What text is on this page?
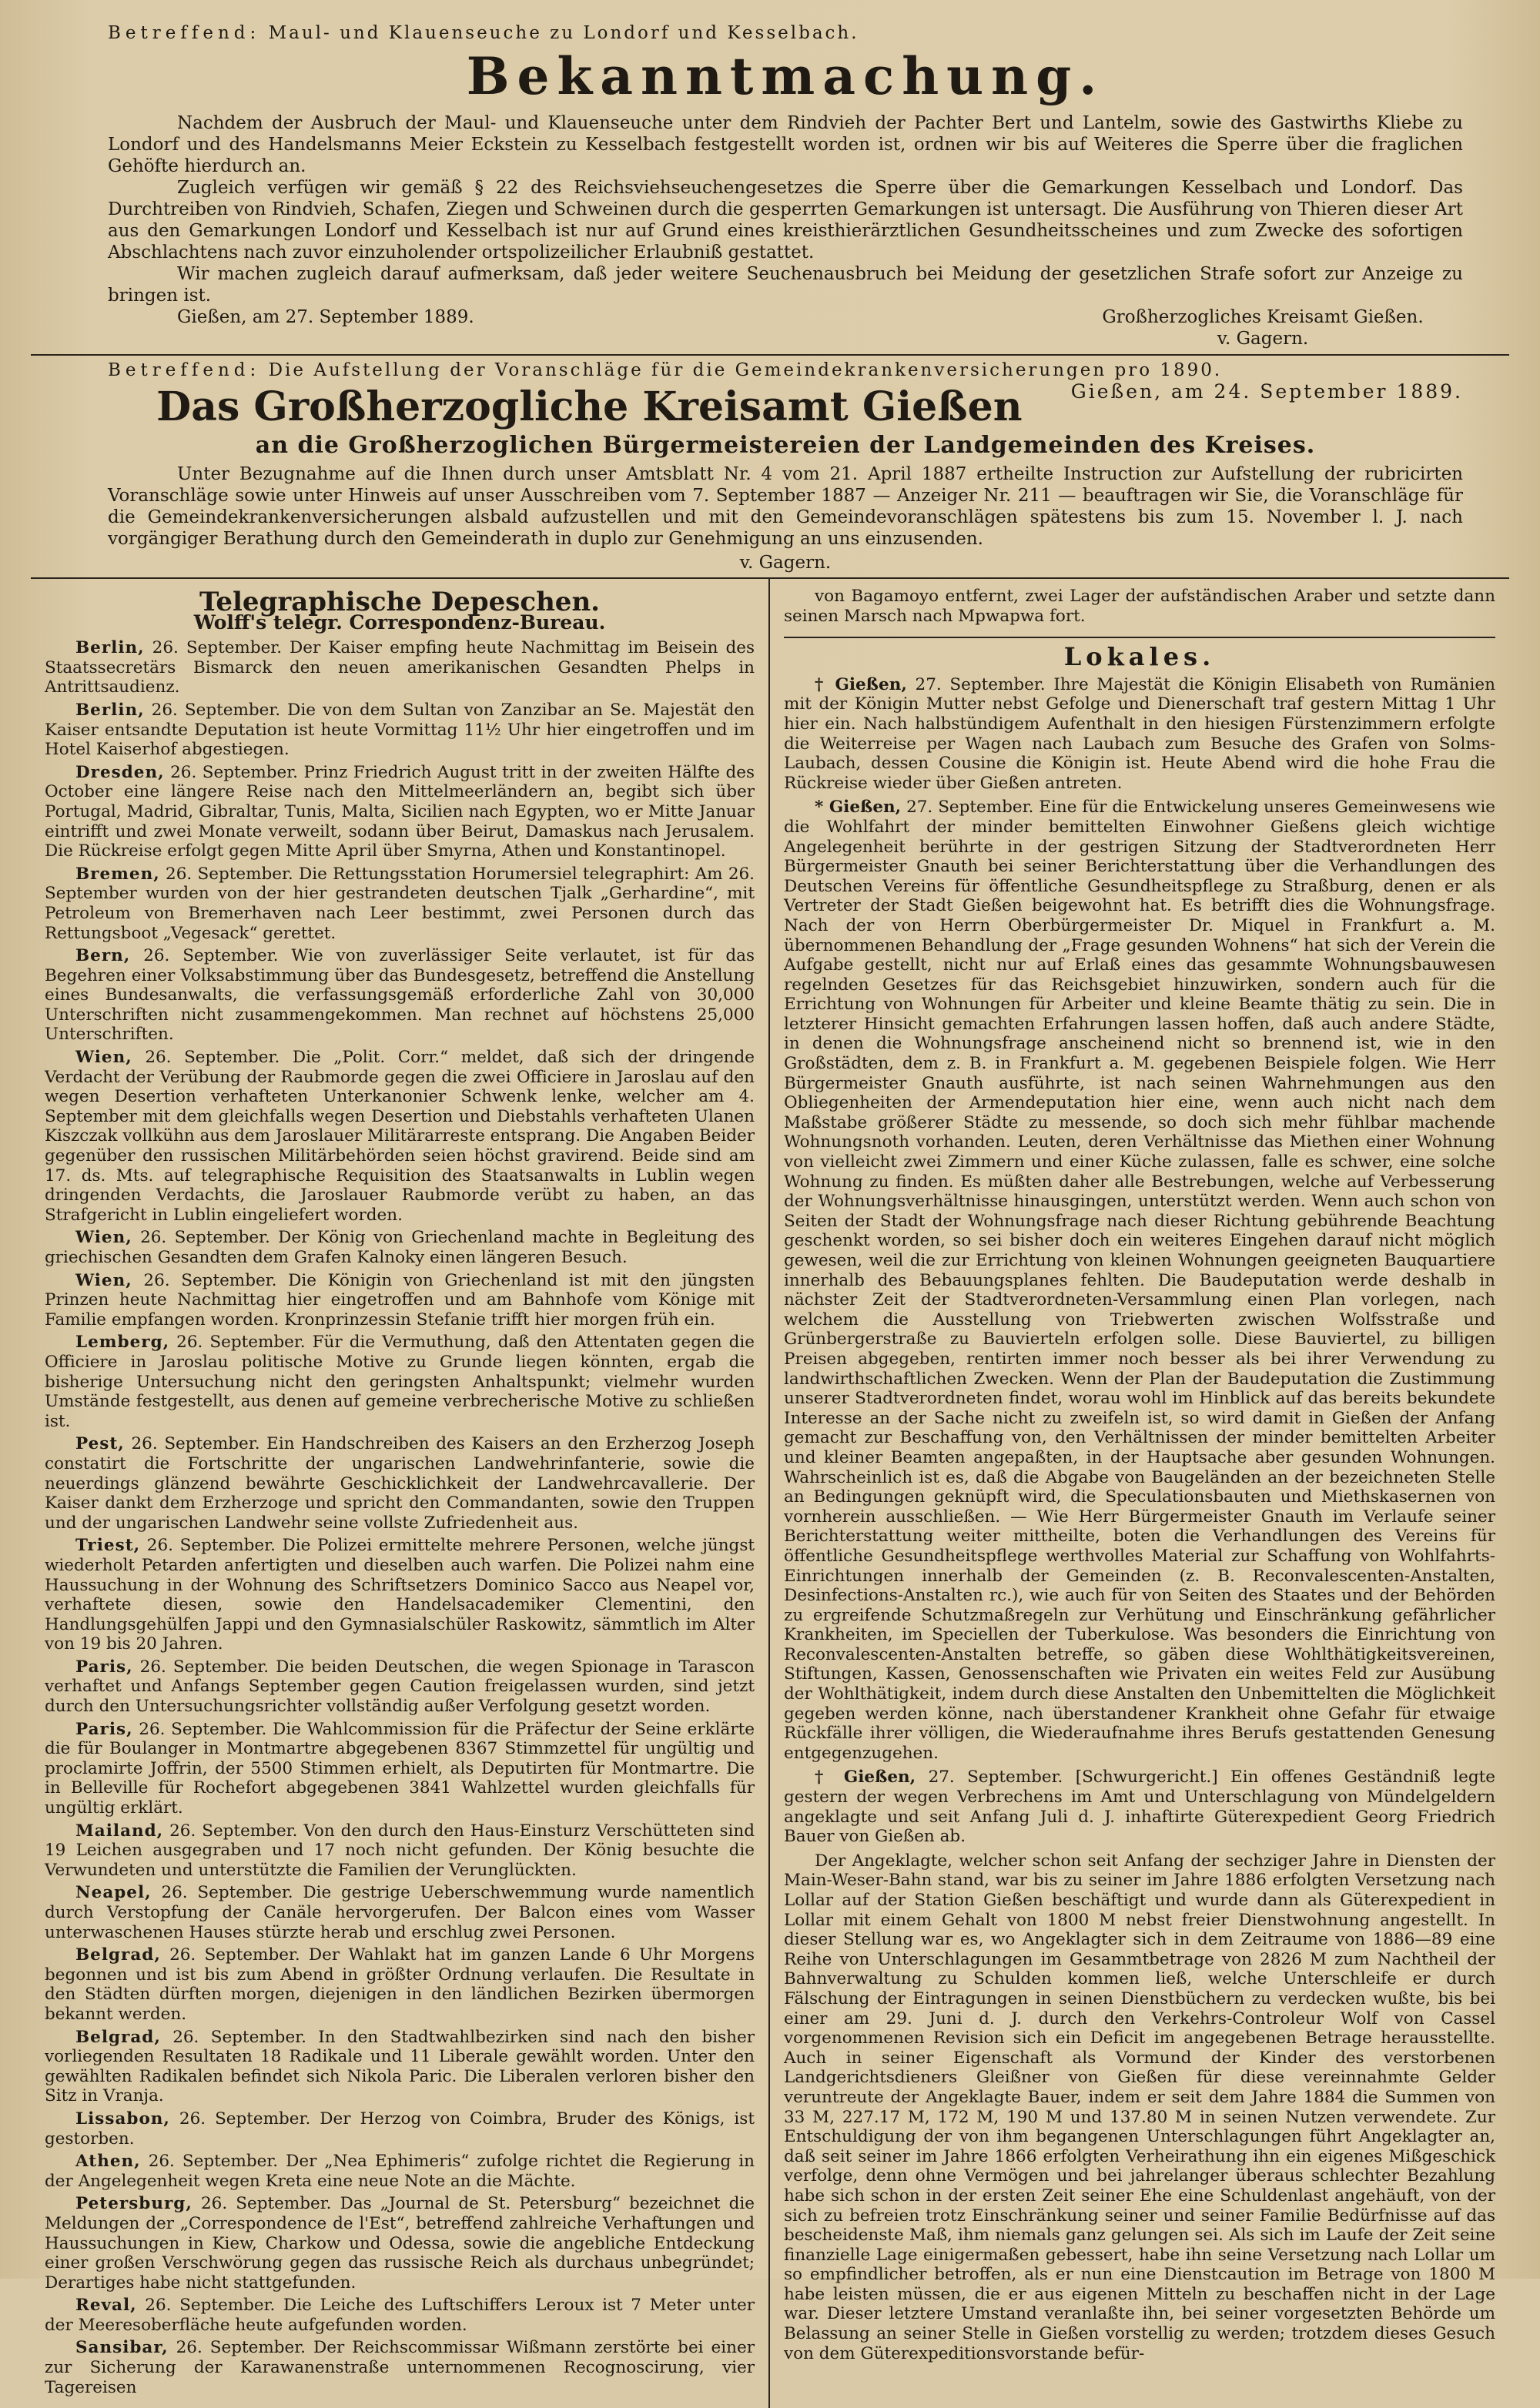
Betreffend: Maul- und Klauenseuche zu Londorf und Kesselbach.
Bekanntmachung.

Nachdem der Ausbruch der Maul- und Klauenseuche unter dem Rindvieh der Pachter Bert und Lantelm, sowie des Gastwirths Kliebe zu Londorf und des Handelsmanns Meier Eckstein zu Kesselbach festgestellt worden ist, ordnen wir bis auf Weiteres die Sperre über die fraglichen Gehöfte hierdurch an.

Zugleich verfügen wir gemäß § 22 des Reichsviehseuchengesetzes die Sperre über die Gemarkungen Kesselbach und Londorf. Das Durchtreiben von Rindvieh, Schafen, Ziegen und Schweinen durch die gesperrten Gemarkungen ist untersagt. Die Ausführung von Thieren dieser Art aus den Gemarkungen Londorf und Kesselbach ist nur auf Grund eines kreisthierärztlichen Gesundheitsscheines und zum Zwecke des sofortigen Abschlachtens nach zuvor einzuholender ortspolizeilicher Erlaubniß gestattet.

Wir machen zugleich darauf aufmerksam, daß jeder weitere Seuchenausbruch bei Meidung der gesetzlichen Strafe sofort zur Anzeige zu bringen ist.

Gießen, am 27. September 1889.	Großherzogliches Kreisamt Gießen.
v. Gagern.
Betreffend: Die Aufstellung der Voranschläge für die Gemeindekrankenversicherungen pro 1890.
Gießen, am 24. September 1889.
Das Großherzogliche Kreisamt Gießen
an die Großherzoglichen Bürgermeistereien der Landgemeinden des Kreises.

Unter Bezugnahme auf die Ihnen durch unser Amtsblatt Nr. 4 vom 21. April 1887 ertheilte Instruction zur Aufstellung der rubricirten Voranschläge sowie unter Hinweis auf unser Ausschreiben vom 7. September 1887 — Anzeiger Nr. 211 — beauftragen wir Sie, die Voranschläge für die Gemeindekrankenversicherungen alsbald aufzustellen und mit den Gemeindevoranschlägen spätestens bis zum 15. November l. J. nach vorgängiger Berathung durch den Gemeinderath in duplo zur Genehmigung an uns einzusenden.

v. Gagern.
Telegraphische Depeschen.
Wolff's telegr. Correspondenz-Bureau.

Berlin, 26. September. Der Kaiser empfing heute Nachmittag im Beisein des Staatssecretärs Bismarck den neuen amerikanischen Gesandten Phelps in Antrittsaudienz.

Berlin, 26. September. Die von dem Sultan von Zanzibar an Se. Majestät den Kaiser entsandte Deputation ist heute Vormittag 11½ Uhr hier eingetroffen und im Hotel Kaiserhof abgestiegen.

Dresden, 26. September. Prinz Friedrich August tritt in der zweiten Hälfte des October eine längere Reise nach den Mittelmeerländern an, begibt sich über Portugal, Madrid, Gibraltar, Tunis, Malta, Sicilien nach Egypten, wo er Mitte Januar eintrifft und zwei Monate verweilt, sodann über Beirut, Damaskus nach Jerusalem. Die Rückreise erfolgt gegen Mitte April über Smyrna, Athen und Konstantinopel.

Bremen, 26. September. Die Rettungsstation Horumersiel telegraphirt: Am 26. September wurden von der hier gestrandeten deutschen Tjalk „Gerhardine“, mit Petroleum von Bremerhaven nach Leer bestimmt, zwei Personen durch das Rettungsboot „Vegesack“ gerettet.

Bern, 26. September. Wie von zuverlässiger Seite verlautet, ist für das Begehren einer Volksabstimmung über das Bundesgesetz, betreffend die Anstellung eines Bundesanwalts, die verfassungsgemäß erforderliche Zahl von 30,000 Unterschriften nicht zusammengekommen. Man rechnet auf höchstens 25,000 Unterschriften.

Wien, 26. September. Die „Polit. Corr.“ meldet, daß sich der dringende Verdacht der Verübung der Raubmorde gegen die zwei Officiere in Jaroslau auf den wegen Desertion verhafteten Unterkanonier Schwenk lenke, welcher am 4. September mit dem gleichfalls wegen Desertion und Diebstahls verhafteten Ulanen Kiszczak vollkühn aus dem Jaroslauer Militärarreste entsprang. Die Angaben Beider gegenüber den russischen Militärbehörden seien höchst gravirend. Beide sind am 17. ds. Mts. auf telegraphische Requisition des Staatsanwalts in Lublin wegen dringenden Verdachts, die Jaroslauer Raubmorde verübt zu haben, an das Strafgericht in Lublin eingeliefert worden.

Wien, 26. September. Der König von Griechenland machte in Begleitung des griechischen Gesandten dem Grafen Kalnoky einen längeren Besuch.

Wien, 26. September. Die Königin von Griechenland ist mit den jüngsten Prinzen heute Nachmittag hier eingetroffen und am Bahnhofe vom Könige mit Familie empfangen worden. Kronprinzessin Stefanie trifft hier morgen früh ein.

Lemberg, 26. September. Für die Vermuthung, daß den Attentaten gegen die Officiere in Jaroslau politische Motive zu Grunde liegen könnten, ergab die bisherige Untersuchung nicht den geringsten Anhaltspunkt; vielmehr wurden Umstände festgestellt, aus denen auf gemeine verbrecherische Motive zu schließen ist.

Pest, 26. September. Ein Handschreiben des Kaisers an den Erzherzog Joseph constatirt die Fortschritte der ungarischen Landwehrinfanterie, sowie die neuerdings glänzend bewährte Geschicklichkeit der Landwehrcavallerie. Der Kaiser dankt dem Erzherzoge und spricht den Commandanten, sowie den Truppen und der ungarischen Landwehr seine vollste Zufriedenheit aus.

Triest, 26. September. Die Polizei ermittelte mehrere Personen, welche jüngst wiederholt Petarden anfertigten und dieselben auch warfen. Die Polizei nahm eine Haussuchung in der Wohnung des Schriftsetzers Dominico Sacco aus Neapel vor, verhaftete diesen, sowie den Handelsacademiker Clementini, den Handlungsgehülfen Jappi und den Gymnasialschüler Raskowitz, sämmtlich im Alter von 19 bis 20 Jahren.

Paris, 26. September. Die beiden Deutschen, die wegen Spionage in Tarascon verhaftet und Anfangs September gegen Caution freigelassen wurden, sind jetzt durch den Untersuchungsrichter vollständig außer Verfolgung gesetzt worden.

Paris, 26. September. Die Wahlcommission für die Präfectur der Seine erklärte die für Boulanger in Montmartre abgegebenen 8367 Stimmzettel für ungültig und proclamirte Joffrin, der 5500 Stimmen erhielt, als Deputirten für Montmartre. Die in Belleville für Rochefort abgegebenen 3841 Wahlzettel wurden gleichfalls für ungültig erklärt.

Mailand, 26. September. Von den durch den Haus-Einsturz Verschütteten sind 19 Leichen ausgegraben und 17 noch nicht gefunden. Der König besuchte die Verwundeten und unterstützte die Familien der Verunglückten.

Neapel, 26. September. Die gestrige Ueberschwemmung wurde namentlich durch Verstopfung der Canäle hervorgerufen. Der Balcon eines vom Wasser unterwaschenen Hauses stürzte herab und erschlug zwei Personen.

Belgrad, 26. September. Der Wahlakt hat im ganzen Lande 6 Uhr Morgens begonnen und ist bis zum Abend in größter Ordnung verlaufen. Die Resultate in den Städten dürften morgen, diejenigen in den ländlichen Bezirken übermorgen bekannt werden.

Belgrad, 26. September. In den Stadtwahlbezirken sind nach den bisher vorliegenden Resultaten 18 Radikale und 11 Liberale gewählt worden. Unter den gewählten Radikalen befindet sich Nikola Paric. Die Liberalen verloren bisher den Sitz in Vranja.

Lissabon, 26. September. Der Herzog von Coimbra, Bruder des Königs, ist gestorben.

Athen, 26. September. Der „Nea Ephimeris“ zufolge richtet die Regierung in der Angelegenheit wegen Kreta eine neue Note an die Mächte.

Petersburg, 26. September. Das „Journal de St. Petersburg“ bezeichnet die Meldungen der „Correspondence de l'Est“, betreffend zahlreiche Verhaftungen und Haussuchungen in Kiew, Charkow und Odessa, sowie die angebliche Entdeckung einer großen Verschwörung gegen das russische Reich als durchaus unbegründet; Derartiges habe nicht stattgefunden.

Reval, 26. September. Die Leiche des Luftschiffers Leroux ist 7 Meter unter der Meeresoberfläche heute aufgefunden worden.

Sansibar, 26. September. Der Reichscommissar Wißmann zerstörte bei einer zur Sicherung der Karawanenstraße unternommenen Recognoscirung, vier Tagereisen

von Bagamoyo entfernt, zwei Lager der aufständischen Araber und setzte dann seinen Marsch nach Mpwapwa fort.

Lokales.

† Gießen, 27. September. Ihre Majestät die Königin Elisabeth von Rumänien mit der Königin Mutter nebst Gefolge und Dienerschaft traf gestern Mittag 1 Uhr hier ein. Nach halbstündigem Aufenthalt in den hiesigen Fürstenzimmern erfolgte die Weiterreise per Wagen nach Laubach zum Besuche des Grafen von Solms-Laubach, dessen Cousine die Königin ist. Heute Abend wird die hohe Frau die Rückreise wieder über Gießen antreten.

* Gießen, 27. September. Eine für die Entwickelung unseres Gemeinwesens wie die Wohlfahrt der minder bemittelten Einwohner Gießens gleich wichtige Angelegenheit berührte in der gestrigen Sitzung der Stadtverordneten Herr Bürgermeister Gnauth bei seiner Berichterstattung über die Verhandlungen des Deutschen Vereins für öffentliche Gesundheitspflege zu Straßburg, denen er als Vertreter der Stadt Gießen beigewohnt hat. Es betrifft dies die Wohnungsfrage. Nach der von Herrn Oberbürgermeister Dr. Miquel in Frankfurt a. M. übernommenen Behandlung der „Frage gesunden Wohnens“ hat sich der Verein die Aufgabe gestellt, nicht nur auf Erlaß eines das gesammte Wohnungsbauwesen regelnden Gesetzes für das Reichsgebiet hinzuwirken, sondern auch für die Errichtung von Wohnungen für Arbeiter und kleine Beamte thätig zu sein. Die in letzterer Hinsicht gemachten Erfahrungen lassen hoffen, daß auch andere Städte, in denen die Wohnungsfrage anscheinend nicht so brennend ist, wie in den Großstädten, dem z. B. in Frankfurt a. M. gegebenen Beispiele folgen. Wie Herr Bürgermeister Gnauth ausführte, ist nach seinen Wahrnehmungen aus den Obliegenheiten der Armendeputation hier eine, wenn auch nicht nach dem Maßstabe größerer Städte zu messende, so doch sich mehr fühlbar machende Wohnungsnoth vorhanden. Leuten, deren Verhältnisse das Miethen einer Wohnung von vielleicht zwei Zimmern und einer Küche zulassen, falle es schwer, eine solche Wohnung zu finden. Es müßten daher alle Bestrebungen, welche auf Verbesserung der Wohnungsverhältnisse hinausgingen, unterstützt werden. Wenn auch schon von Seiten der Stadt der Wohnungsfrage nach dieser Richtung gebührende Beachtung geschenkt worden, so sei bisher doch ein weiteres Eingehen darauf nicht möglich gewesen, weil die zur Errichtung von kleinen Wohnungen geeigneten Bauquartiere innerhalb des Bebauungsplanes fehlten. Die Baudeputation werde deshalb in nächster Zeit der Stadtverordneten-Versammlung einen Plan vorlegen, nach welchem die Ausstellung von Triebwerten zwischen Wolfsstraße und Grünbergerstraße zu Bauvierteln erfolgen solle. Diese Bauviertel, zu billigen Preisen abgegeben, rentirten immer noch besser als bei ihrer Verwendung zu landwirthschaftlichen Zwecken. Wenn der Plan der Baudeputation die Zustimmung unserer Stadtverordneten findet, worau wohl im Hinblick auf das bereits bekundete Interesse an der Sache nicht zu zweifeln ist, so wird damit in Gießen der Anfang gemacht zur Beschaffung von, den Verhältnissen der minder bemittelten Arbeiter und kleiner Beamten angepaßten, in der Hauptsache aber gesunden Wohnungen. Wahrscheinlich ist es, daß die Abgabe von Baugeländen an der bezeichneten Stelle an Bedingungen geknüpft wird, die Speculationsbauten und Miethskasernen von vornherein ausschließen. — Wie Herr Bürgermeister Gnauth im Verlaufe seiner Berichterstattung weiter mittheilte, boten die Verhandlungen des Vereins für öffentliche Gesundheitspflege werthvolles Material zur Schaffung von Wohlfahrts-Einrichtungen innerhalb der Gemeinden (z. B. Reconvalescenten-Anstalten, Desinfections-Anstalten rc.), wie auch für von Seiten des Staates und der Behörden zu ergreifende Schutzmaßregeln zur Verhütung und Einschränkung gefährlicher Krankheiten, im Speciellen der Tuberkulose. Was besonders die Einrichtung von Reconvalescenten-Anstalten betreffe, so gäben diese Wohlthätigkeitsvereinen, Stiftungen, Kassen, Genossenschaften wie Privaten ein weites Feld zur Ausübung der Wohlthätigkeit, indem durch diese Anstalten den Unbemittelten die Möglichkeit gegeben werden könne, nach überstandener Krankheit ohne Gefahr für etwaige Rückfälle ihrer völligen, die Wiederaufnahme ihres Berufs gestattenden Genesung entgegenzugehen.

† Gießen, 27. September. [Schwurgericht.] Ein offenes Geständniß legte gestern der wegen Verbrechens im Amt und Unterschlagung von Mündelgeldern angeklagte und seit Anfang Juli d. J. inhaftirte Güterexpedient Georg Friedrich Bauer von Gießen ab.

Der Angeklagte, welcher schon seit Anfang der sechziger Jahre in Diensten der Main-Weser-Bahn stand, war bis zu seiner im Jahre 1886 erfolgten Versetzung nach Lollar auf der Station Gießen beschäftigt und wurde dann als Güterexpedient in Lollar mit einem Gehalt von 1800 M nebst freier Dienstwohnung angestellt. In dieser Stellung war es, wo Angeklagter sich in dem Zeitraume von 1886—89 eine Reihe von Unterschlagungen im Gesammtbetrage von 2826 M zum Nachtheil der Bahnverwaltung zu Schulden kommen ließ, welche Unterschleife er durch Fälschung der Eintragungen in seinen Dienstbüchern zu verdecken wußte, bis bei einer am 29. Juni d. J. durch den Verkehrs-Controleur Wolf von Cassel vorgenommenen Revision sich ein Deficit im angegebenen Betrage herausstellte. Auch in seiner Eigenschaft als Vormund der Kinder des verstorbenen Landgerichtsdieners Gleißner von Gießen für diese vereinnahmte Gelder veruntreute der Angeklagte Bauer, indem er seit dem Jahre 1884 die Summen von 33 M, 227.17 M, 172 M, 190 M und 137.80 M in seinen Nutzen verwendete. Zur Entschuldigung der von ihm begangenen Unterschlagungen führt Angeklagter an, daß seit seiner im Jahre 1866 erfolgten Verheirathung ihn ein eigenes Mißgeschick verfolge, denn ohne Vermögen und bei jahrelanger überaus schlechter Bezahlung habe sich schon in der ersten Zeit seiner Ehe eine Schuldenlast angehäuft, von der sich zu befreien trotz Einschränkung seiner und seiner Familie Bedürfnisse auf das bescheidenste Maß, ihm niemals ganz gelungen sei. Als sich im Laufe der Zeit seine finanzielle Lage einigermaßen gebessert, habe ihn seine Versetzung nach Lollar um so empfindlicher betroffen, als er nun eine Dienstcaution im Betrage von 1800 M habe leisten müssen, die er aus eigenen Mitteln zu beschaffen nicht in der Lage war. Dieser letztere Umstand veranlaßte ihn, bei seiner vorgesetzten Behörde um Belassung an seiner Stelle in Gießen vorstellig zu werden; trotzdem dieses Gesuch von dem Güterexpeditionsvorstande befür-
